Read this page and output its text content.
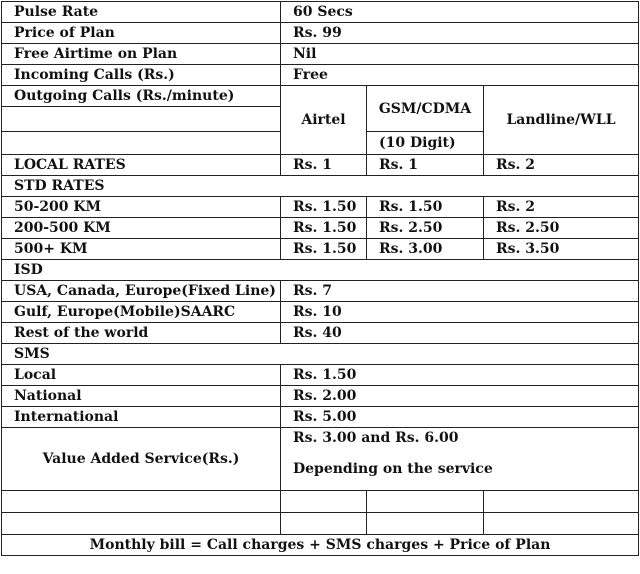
Pulse Rate	60 Secs		
Price of Plan	Rs. 99		
Free Airtime on Plan	Nil		
Incoming Calls (Rs.)	Free		
Outgoing Calls (Rs./minute)	Airtel	GSM/CDMA	Landline/WLL

		(10 Digit)	
LOCAL RATES	Rs. 1	Rs. 1	Rs. 2
STD RATES			
50-200 KM	Rs. 1.50	Rs. 1.50	Rs. 2
200-500 KM	Rs. 1.50	Rs. 2.50	Rs. 2.50
500+ KM	Rs. 1.50	Rs. 3.00	Rs. 3.50
ISD			
USA, Canada, Europe(Fixed Line)	Rs. 7		
Gulf, Europe(Mobile)SAARC	Rs. 10		
Rest of the world	Rs. 40		
SMS			
Local	Rs. 1.50		
National	Rs. 2.00		
International	Rs. 5.00		
Value Added Service(Rs.)	Rs. 3.00 and Rs. 6.00
Depending on the service		

Monthly bill = Call charges + SMS charges + Price of Plan			
